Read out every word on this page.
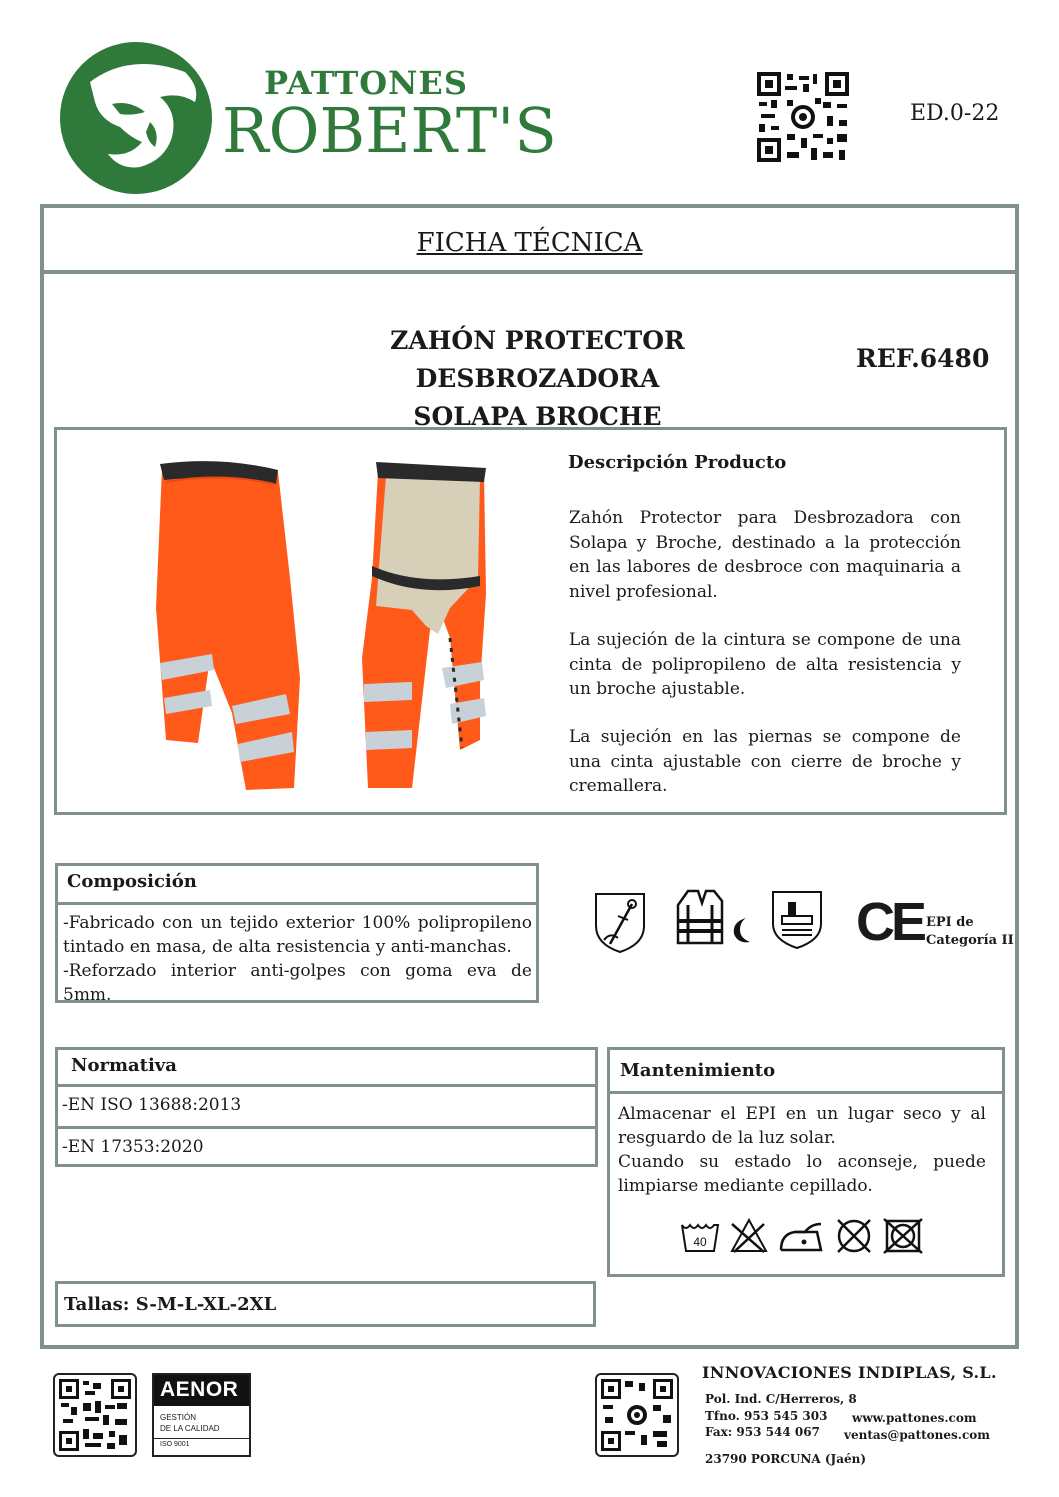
PATTONES
ROBERT'S	ED.0-22
FICHA TÉCNICA
ZAHÓN PROTECTOR DESBROZADORA
SOLAPA BROCHE
REF.6480
Descripción Producto
Zahón Protector para Desbrozadora con Solapa y Broche, destinado a la protección en las labores de desbroce con maquinaria a nivel profesional.
La sujeción de la cintura se compone de una cinta de polipropileno de alta resistencia y un broche ajustable.
La sujeción en las piernas se compone de una cinta ajustable con cierre de broche y cremallera.
Composición
-Fabricado con un tejido exterior 100% polipropileno tintado en masa, de alta resistencia y anti-manchas.
-Reforzado interior anti-golpes con goma eva de 5mm.
CE EPI de
Categoría II
Normativa
-EN ISO 13688:2013
-EN 17353:2020
Mantenimiento
Almacenar el EPI en un lugar seco y al resguardo de la luz solar.
Cuando su estado lo aconseje, puede limpiarse mediante cepillado.
40
Tallas: S-M-L-XL-2XL
AENOR
GESTIÓN
DE LA CALIDAD
ISO 9001
INNOVACIONES INDIPLAS, S.L.
Pol. Ind. C/Herreros, 8
Tfno. 953 545 303
Fax: 953 544 067
23790 PORCUNA (Jaén)
www.pattones.com
ventas@pattones.com
